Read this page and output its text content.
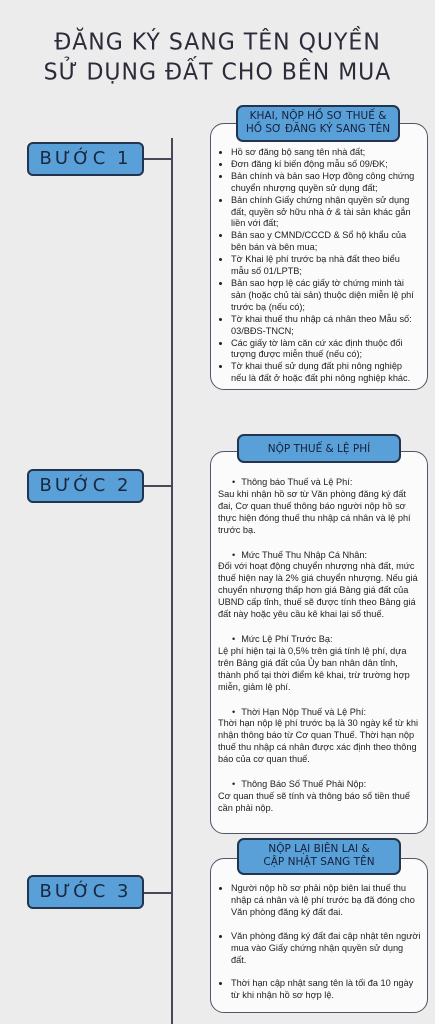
ĐĂNG KÝ SANG TÊN QUYỀN
SỬ DỤNG ĐẤT CHO BÊN MUA
BƯỚC 1	• Hồ sơ đăng bộ sang tên nhà đất;
• Đơn đăng kí biến động mẫu số 09/ĐK;
• Bản chính và bản sao Hợp đồng công chứng chuyển nhượng quyền sử dụng đất;
• Bản chính Giấy chứng nhận quyền sử dụng đất, quyền sở hữu nhà ở & tài sản khác gắn liền với đất;
• Bản sao y CMND/CCCD & Sổ hộ khẩu của bên bán và bên mua;
• Tờ Khai lệ phí trước bạ nhà đất theo biểu mẫu số 01/LPTB;
• Bản sao hợp lệ các giấy tờ chứng minh tài sản (hoặc chủ tài sản) thuộc diện miễn lệ phí trước bạ (nếu có);
• Tờ khai thuế thu nhập cá nhân theo Mẫu số: 03/BĐS-TNCN;
• Các giấy tờ làm căn cứ xác định thuộc đối tượng được miễn thuế (nếu có);
• Tờ khai thuế sử dụng đất phi nông nghiệp nếu là đất ở hoặc đất phi nông nghiệp khác.
KHAI, NỘP HỒ SƠ THUẾ &
HỒ SƠ ĐĂNG KÝ SANG TÊN
BƯỚC 2	• Thông báo Thuế và Lệ Phí:
Sau khi nhận hồ sơ từ Văn phòng đăng ký đất đai, Cơ quan thuế thông báo người nộp hồ sơ thực hiện đóng thuế thu nhập cá nhân và lệ phí trước bạ.
• Mức Thuế Thu Nhập Cá Nhân:
Đối với hoạt động chuyển nhượng nhà đất, mức thuế hiện nay là 2% giá chuyển nhượng. Nếu giá chuyển nhượng thấp hơn giá Bảng giá đất của UBND cấp tỉnh, thuế sẽ được tính theo Bảng giá đất này hoặc yêu cầu kê khai lại số thuế.
• Mức Lệ Phí Trước Bạ:
Lệ phí hiện tại là 0,5% trên giá tính lệ phí, dựa trên Bảng giá đất của Ủy ban nhân dân tỉnh, thành phố tại thời điểm kê khai, trừ trường hợp miễn, giảm lệ phí.
• Thời Hạn Nộp Thuế và Lệ Phí:
Thời hạn nộp lệ phí trước bạ là 30 ngày kể từ khi nhận thông báo từ Cơ quan Thuế. Thời hạn nộp thuế thu nhập cá nhân được xác định theo thông báo của cơ quan thuế.
• Thông Báo Số Thuế Phải Nộp:
Cơ quan thuế sẽ tính và thông báo số tiền thuế cần phải nộp.
NỘP THUẾ & LỆ PHÍ
BƯỚC 3	• Người nộp hồ sơ phải nộp biên lai thuế thu nhập cá nhân và lệ phí trước bạ đã đóng cho Văn phòng đăng ký đất đai.
• Văn phòng đăng ký đất đai cập nhật tên người mua vào Giấy chứng nhận quyền sử dụng đất.
• Thời hạn cập nhật sang tên là tối đa 10 ngày từ khi nhận hồ sơ hợp lệ.
NỘP LẠI BIÊN LAI &
CẬP NHẬT SANG TÊN
